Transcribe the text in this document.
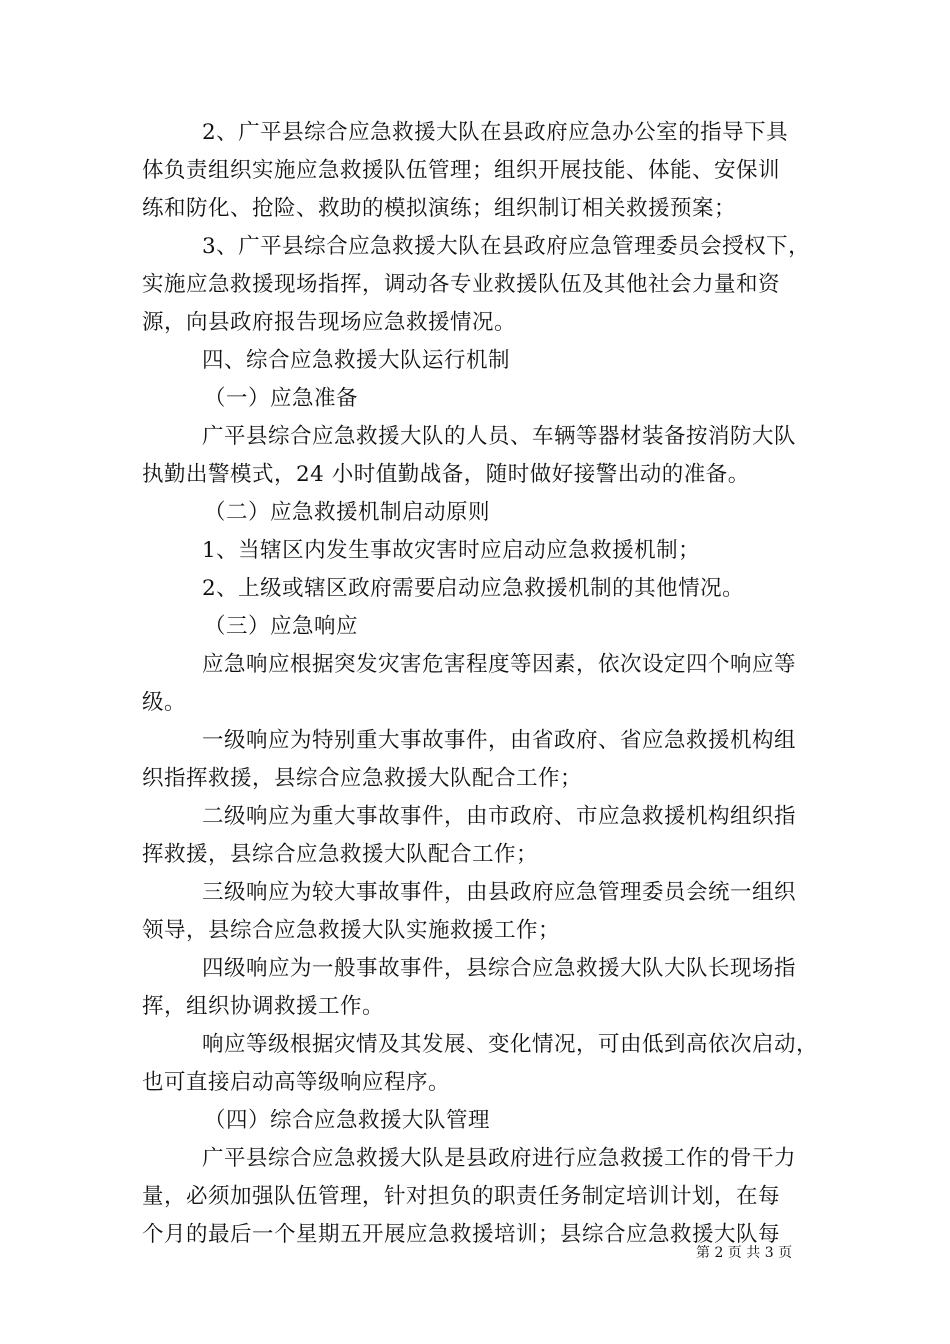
2、广平县综合应急救援大队在县政府应急办公室的指导下具
体负责组织实施应急救援队伍管理；组织开展技能、体能、安保训
练和防化、抢险、救助的模拟演练；组织制订相关救援预案；
3、广平县综合应急救援大队在县政府应急管理委员会授权下，
实施应急救援现场指挥，调动各专业救援队伍及其他社会力量和资
源，向县政府报告现场应急救援情况。
四、综合应急救援大队运行机制
（一）应急准备
广平县综合应急救援大队的人员、车辆等器材装备按消防大队
执勤出警模式，24 小时值勤战备，随时做好接警出动的准备。
（二）应急救援机制启动原则
1、当辖区内发生事故灾害时应启动应急救援机制；
2、上级或辖区政府需要启动应急救援机制的其他情况。
（三）应急响应
应急响应根据突发灾害危害程度等因素，依次设定四个响应等
级。
一级响应为特别重大事故事件，由省政府、省应急救援机构组
织指挥救援，县综合应急救援大队配合工作；
二级响应为重大事故事件，由市政府、市应急救援机构组织指
挥救援，县综合应急救援大队配合工作；
三级响应为较大事故事件，由县政府应急管理委员会统一组织
领导，县综合应急救援大队实施救援工作；
四级响应为一般事故事件，县综合应急救援大队大队长现场指
挥，组织协调救援工作。
响应等级根据灾情及其发展、变化情况，可由低到高依次启动，
也可直接启动高等级响应程序。
（四）综合应急救援大队管理
广平县综合应急救援大队是县政府进行应急救援工作的骨干力
量，必须加强队伍管理，针对担负的职责任务制定培训计划，在每
个月的最后一个星期五开展应急救援培训；县综合应急救援大队每
第 2 页 共 3 页
